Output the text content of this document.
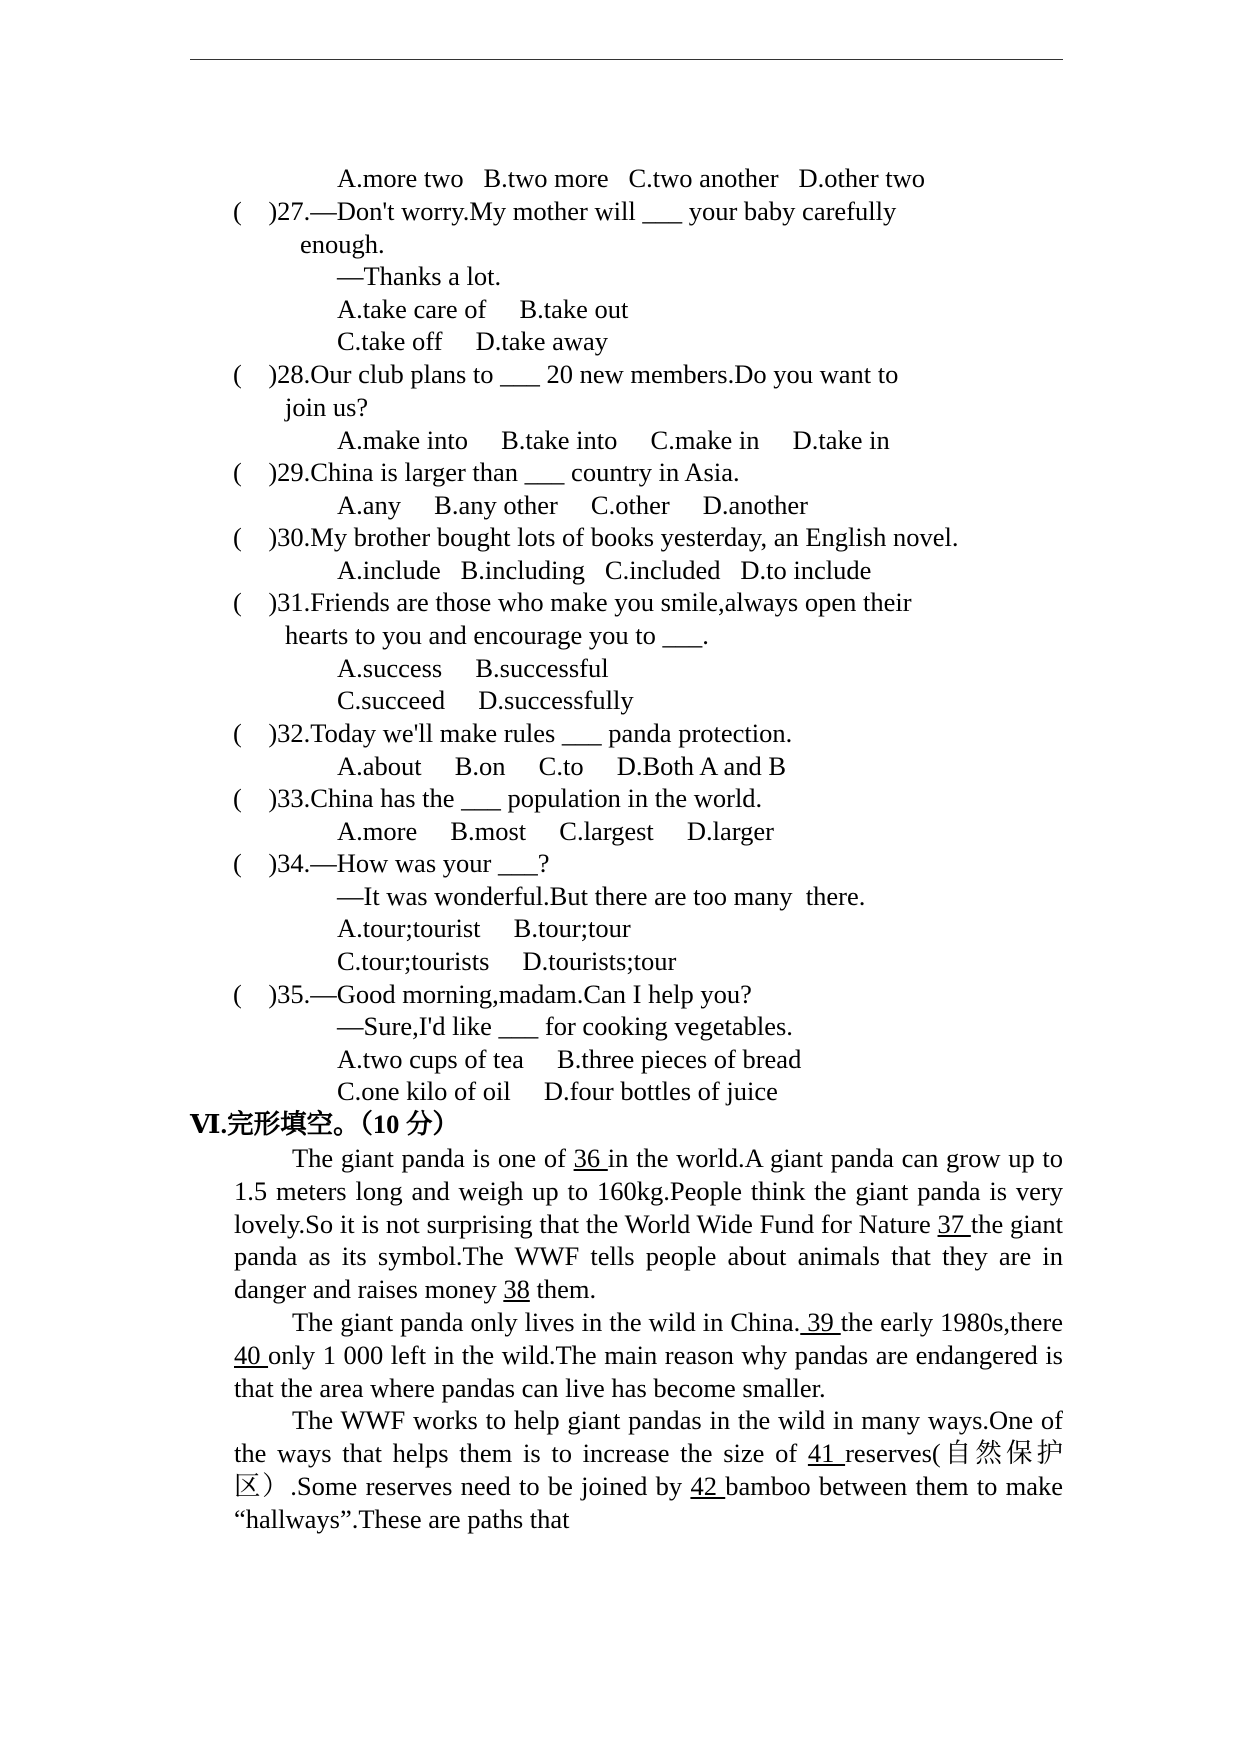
A.more two   B.two more   C.two another   D.other two
(    )27.—Don't worry.My mother will ___ your baby carefully
enough.
—Thanks a lot.
A.take care of     B.take out
C.take off     D.take away
(    )28.Our club plans to ___ 20 new members.Do you want to
join us?
A.make into     B.take into     C.make in     D.take in
(    )29.China is larger than ___ country in Asia.
A.any     B.any other     C.other     D.another
(    )30.My brother bought lots of books yesterday, an English novel.
A.include   B.including   C.included   D.to include
(    )31.Friends are those who make you smile,always open their
hearts to you and encourage you to ___.
A.success     B.successful
C.succeed     D.successfully
(    )32.Today we'll make rules ___ panda protection.
A.about     B.on     C.to     D.Both A and B
(    )33.China has the ___ population in the world.
A.more     B.most     C.largest     D.larger
(    )34.—How was your ___?
—It was wonderful.But there are too many  there.
A.tour;tourist     B.tour;tour
C.tour;tourists     D.tourists;tour
(    )35.—Good morning,madam.Can I help you?
—Sure,I'd like ___ for cooking vegetables.
A.two cups of tea     B.three pieces of bread
C.one kilo of oil     D.four bottles of juice
Ⅵ.完形填空。（10 分）

The giant panda is one of 36 in the world.A giant panda can grow up to 1.5 meters long and weigh up to 160kg.People think the giant panda is very lovely.So it is not surprising that the World Wide Fund for Nature 37 the giant panda as its symbol.The WWF tells people about animals that they are in danger and raises money 38 them.

The giant panda only lives in the wild in China. 39 the early 1980s,there 40 only 1 000 left in the wild.The main reason why pandas are endangered is that the area where pandas can live has become smaller.

The WWF works to help giant pandas in the wild in many ways.One of the ways that helps them is to increase the size of 41 reserves(自然保护区）.Some reserves need to be joined by 42 bamboo between them to make “hallways”.These are paths that
